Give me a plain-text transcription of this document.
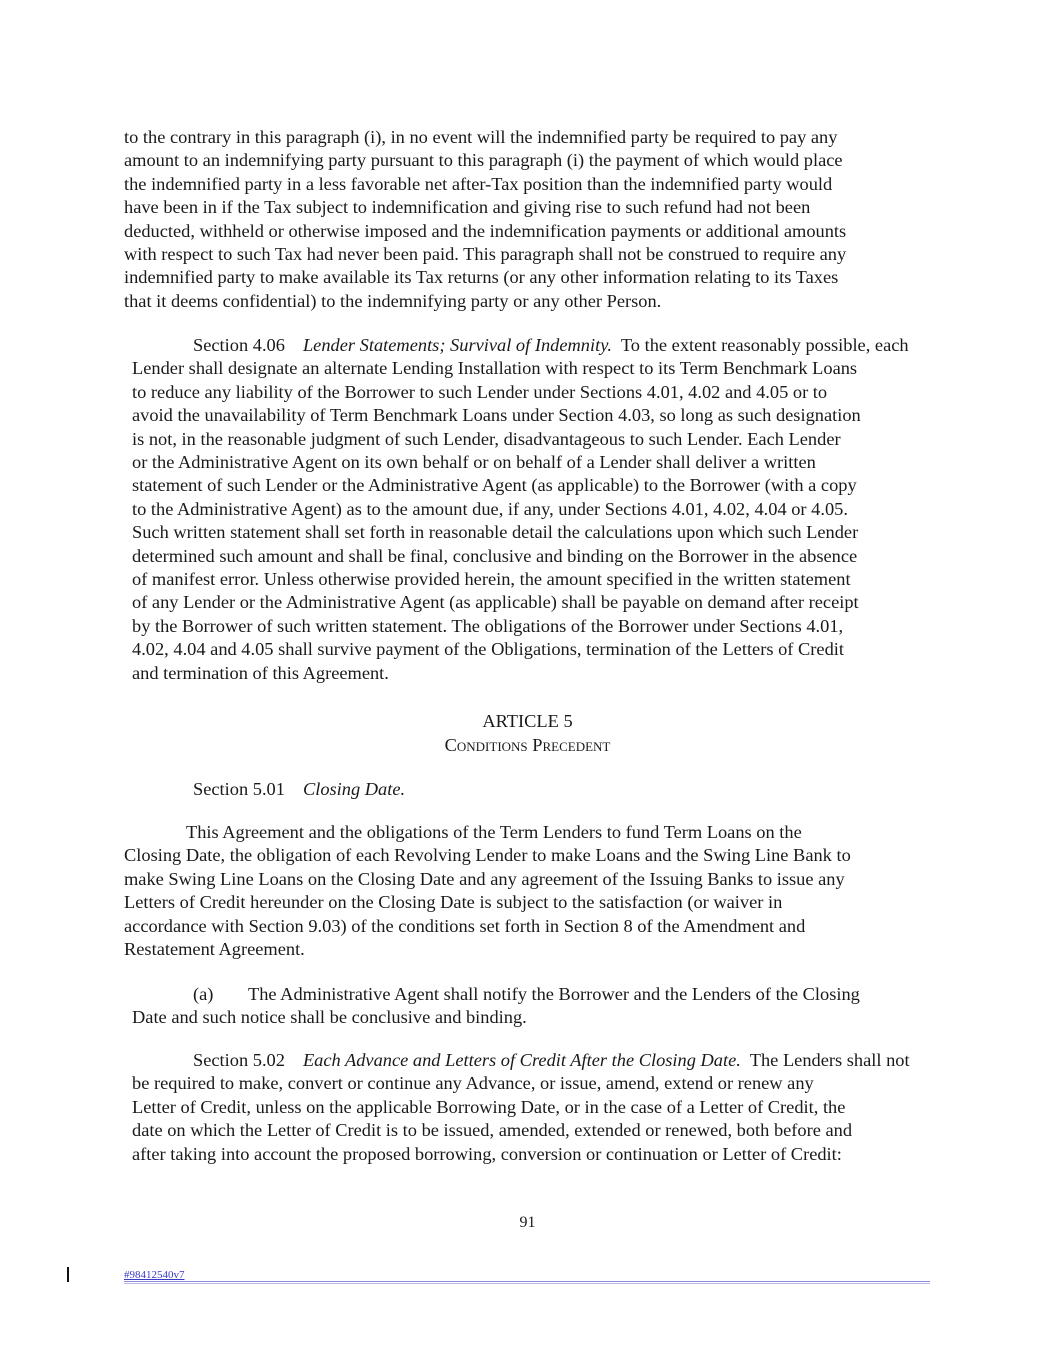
to the contrary in this paragraph (i), in no event will the indemnified party be required to pay any
amount to an indemnifying party pursuant to this paragraph (i) the payment of which would place
the indemnified party in a less favorable net after-Tax position than the indemnified party would
have been in if the Tax subject to indemnification and giving rise to such refund had not been
deducted, withheld or otherwise imposed and the indemnification payments or additional amounts
with respect to such Tax had never been paid. This paragraph shall not be construed to require any
indemnified party to make available its Tax returns (or any other information relating to its Taxes
that it deems confidential) to the indemnifying party or any other Person.
Section 4.06 Lender Statements; Survival of Indemnity. To the extent reasonably possible, each
Lender shall designate an alternate Lending Installation with respect to its Term Benchmark Loans
to reduce any liability of the Borrower to such Lender under Sections 4.01, 4.02 and 4.05 or to
avoid the unavailability of Term Benchmark Loans under Section 4.03, so long as such designation
is not, in the reasonable judgment of such Lender, disadvantageous to such Lender. Each Lender
or the Administrative Agent on its own behalf or on behalf of a Lender shall deliver a written
statement of such Lender or the Administrative Agent (as applicable) to the Borrower (with a copy
to the Administrative Agent) as to the amount due, if any, under Sections 4.01, 4.02, 4.04 or 4.05.
Such written statement shall set forth in reasonable detail the calculations upon which such Lender
determined such amount and shall be final, conclusive and binding on the Borrower in the absence
of manifest error. Unless otherwise provided herein, the amount specified in the written statement
of any Lender or the Administrative Agent (as applicable) shall be payable on demand after receipt
by the Borrower of such written statement. The obligations of the Borrower under Sections 4.01,
4.02, 4.04 and 4.05 shall survive payment of the Obligations, termination of the Letters of Credit
and termination of this Agreement.

ARTICLE 5

Conditions Precedent

Section 5.01 Closing Date.

This Agreement and the obligations of the Term Lenders to fund Term Loans on the
Closing Date, the obligation of each Revolving Lender to make Loans and the Swing Line Bank to
make Swing Line Loans on the Closing Date and any agreement of the Issuing Banks to issue any
Letters of Credit hereunder on the Closing Date is subject to the satisfaction (or waiver in
accordance with Section 9.03) of the conditions set forth in Section 8 of the Amendment and
Restatement Agreement.
(a) The Administrative Agent shall notify the Borrower and the Lenders of the Closing
Date and such notice shall be conclusive and binding.
Section 5.02 Each Advance and Letters of Credit After the Closing Date. The Lenders shall not
be required to make, convert or continue any Advance, or issue, amend, extend or renew any
Letter of Credit, unless on the applicable Borrowing Date, or in the case of a Letter of Credit, the
date on which the Letter of Credit is to be issued, amended, extended or renewed, both before and
after taking into account the proposed borrowing, conversion or continuation or Letter of Credit:

91

#98412540v7
